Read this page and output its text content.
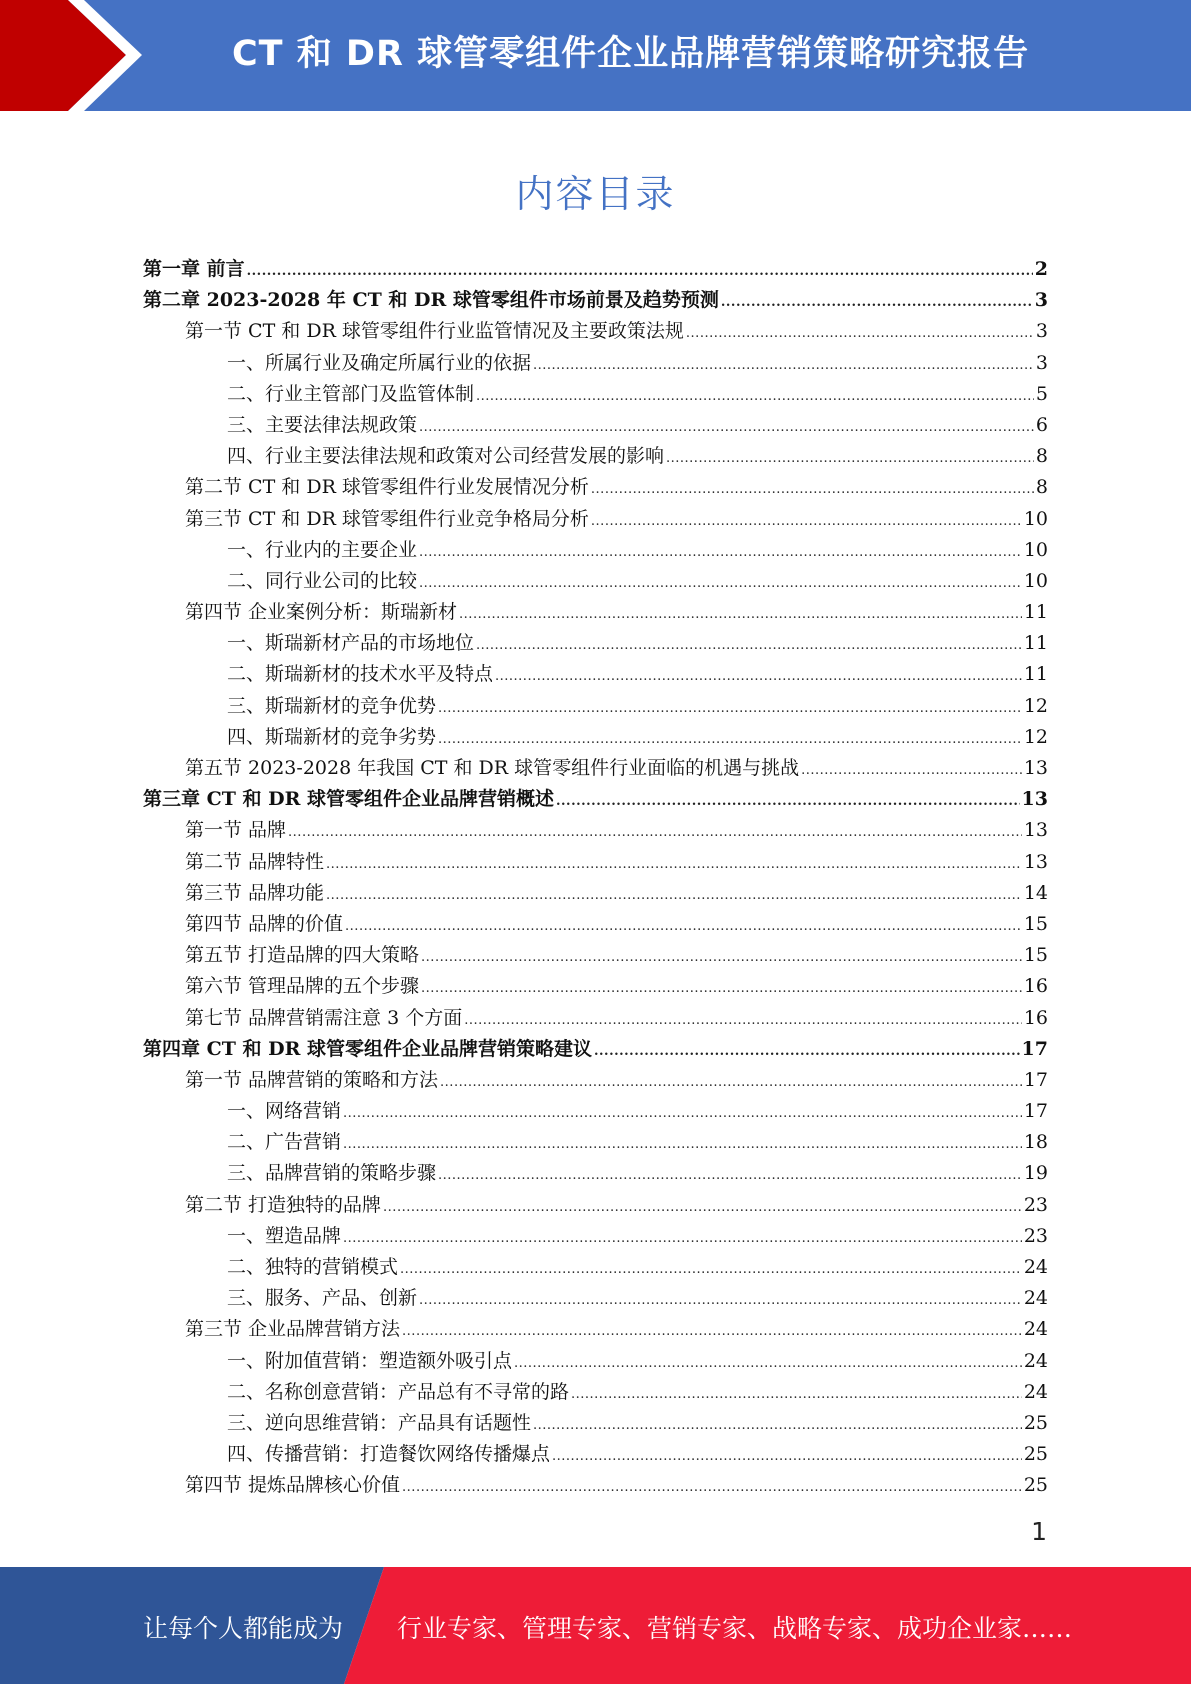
CT 和 DR 球管零组件企业品牌营销策略研究报告
内容目录
第一章 前言 .....	2
第二章 2023-2028 年 CT 和 DR 球管零组件市场前景及趋势预测 .....	3
第一节 CT 和 DR 球管零组件行业监管情况及主要政策法规 .....	3
一、所属行业及确定所属行业的依据 .....	3
二、行业主管部门及监管体制 .....	5
三、主要法律法规政策 .....	6
四、行业主要法律法规和政策对公司经营发展的影响 .....	8
第二节 CT 和 DR 球管零组件行业发展情况分析 .....	8
第三节 CT 和 DR 球管零组件行业竞争格局分析 .....	10
一、行业内的主要企业 .....	10
二、同行业公司的比较 .....	10
第四节 企业案例分析：斯瑞新材 .....	11
一、斯瑞新材产品的市场地位 .....	11
二、斯瑞新材的技术水平及特点 .....	11
三、斯瑞新材的竞争优势 .....	12
四、斯瑞新材的竞争劣势 .....	12
第五节 2023-2028 年我国 CT 和 DR 球管零组件行业面临的机遇与挑战 .....	13
第三章 CT 和 DR 球管零组件企业品牌营销概述 .....	13
第一节 品牌 .....	13
第二节 品牌特性 .....	13
第三节 品牌功能 .....	14
第四节 品牌的价值 .....	15
第五节 打造品牌的四大策略 .....	15
第六节 管理品牌的五个步骤 .....	16
第七节 品牌营销需注意 3 个方面 .....	16
第四章 CT 和 DR 球管零组件企业品牌营销策略建议 .....	17
第一节 品牌营销的策略和方法 .....	17
一、网络营销 .....	17
二、广告营销 .....	18
三、品牌营销的策略步骤 .....	19
第二节 打造独特的品牌 .....	23
一、塑造品牌 .....	23
二、独特的营销模式 .....	24
三、服务、产品、创新 .....	24
第三节 企业品牌营销方法 .....	24
一、附加值营销：塑造额外吸引点 .....	24
二、名称创意营销：产品总有不寻常的路 .....	24
三、逆向思维营销：产品具有话题性 .....	25
四、传播营销：打造餐饮网络传播爆点 .....	25
第四节 提炼品牌核心价值 .....	25
1
让每个人都能成为 行业专家、管理专家、营销专家、战略专家、成功企业家……
